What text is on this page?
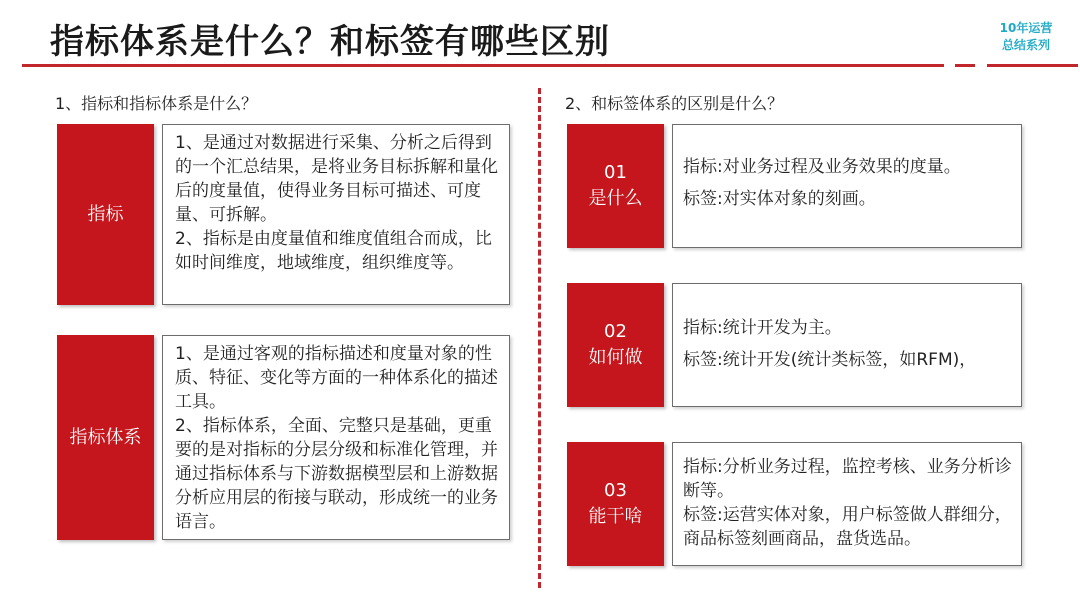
指标体系是什么？和标签有哪些区别	10年运营
总结系列
1、指标和指标体系是什么？
指标

1、是通过对数据进行采集、分析之后得到的一个汇总结果，是将业务目标拆解和量化后的度量值，使得业务目标可描述、可度量、可拆解。

2、指标是由度量值和维度值组合而成，比如时间维度，地域维度，组织维度等。

指标体系

1、是通过客观的指标描述和度量对象的性质、特征、变化等方面的一种体系化的描述工具。

2、指标体系，全面、完整只是基础，更重要的是对指标的分层分级和标准化管理，并通过指标体系与下游数据模型层和上游数据分析应用层的衔接与联动，形成统一的业务语言。

2、和标签体系的区别是什么？
01
是什么

指标:对业务过程及业务效果的度量。

标签:对实体对象的刻画。

02
如何做

指标:统计开发为主。

标签:统计开发(统计类标签，如RFM)，

03
能干啥

指标:分析业务过程，监控考核、业务分析诊断等。

标签:运营实体对象，用户标签做人群细分，商品标签刻画商品，盘货选品。
